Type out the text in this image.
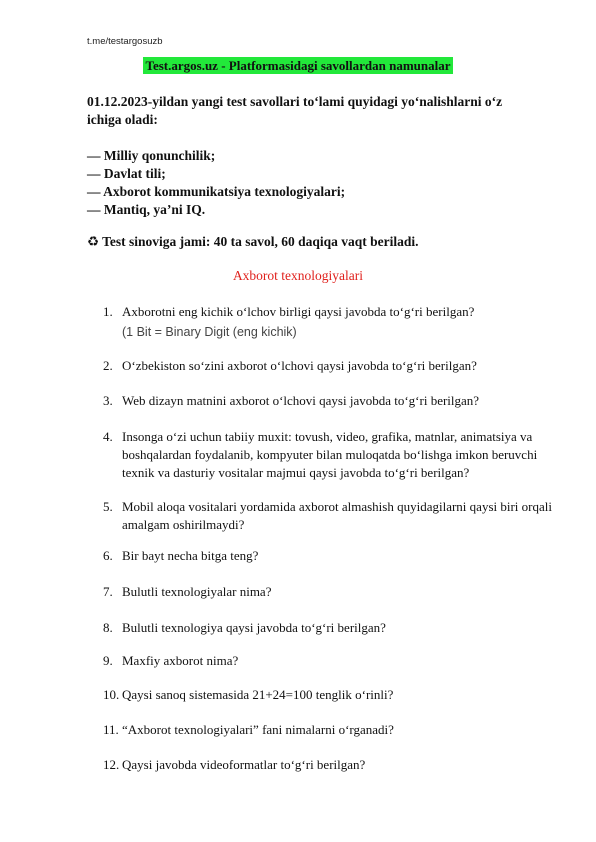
t.me/testargosuzb
Test.argos.uz - Platformasidagi savollardan namunalar
01.12.2023-yildan yangi test savollari to‘lami quyidagi yo‘nalishlarni o‘z ichiga oladi:
— Milliy qonunchilik;
— Davlat tili;
— Axborot kommunikatsiya texnologiyalari;
— Mantiq, ya’ni IQ.
♻ Test sinoviga jami: 40 ta savol, 60 daqiqa vaqt beriladi.
Axborot texnologiyalari
1. Axborotni eng kichik o‘lchov birligi qaysi javobda to‘g‘ri berilgan?
(1 Bit = Binary Digit (eng kichik)
2. O‘zbekiston so‘zini axborot o‘lchovi qaysi javobda to‘g‘ri berilgan?
3. Web dizayn matnini axborot o‘lchovi qaysi javobda to‘g‘ri berilgan?
4. Insonga o‘zi uchun tabiiy muxit: tovush, video, grafika, matnlar, animatsiya va boshqalardan foydalanib, kompyuter bilan muloqatda bo‘lishga imkon beruvchi texnik va dasturiy vositalar majmui qaysi javobda to‘g‘ri berilgan?
5. Mobil aloqa vositalari yordamida axborot almashish quyidagilarni qaysi biri orqali amalgam oshirilmaydi?
6. Bir bayt necha bitga teng?
7. Bulutli texnologiyalar nima?
8. Bulutli texnologiya qaysi javobda to‘g‘ri berilgan?
9. Maxfiy axborot nima?
10. Qaysi sanoq sistemasida 21+24=100 tenglik o‘rinli?
11. “Axborot texnologiyalari” fani nimalarni o‘rganadi?
12. Qaysi javobda videoformatlar to‘g‘ri berilgan?
